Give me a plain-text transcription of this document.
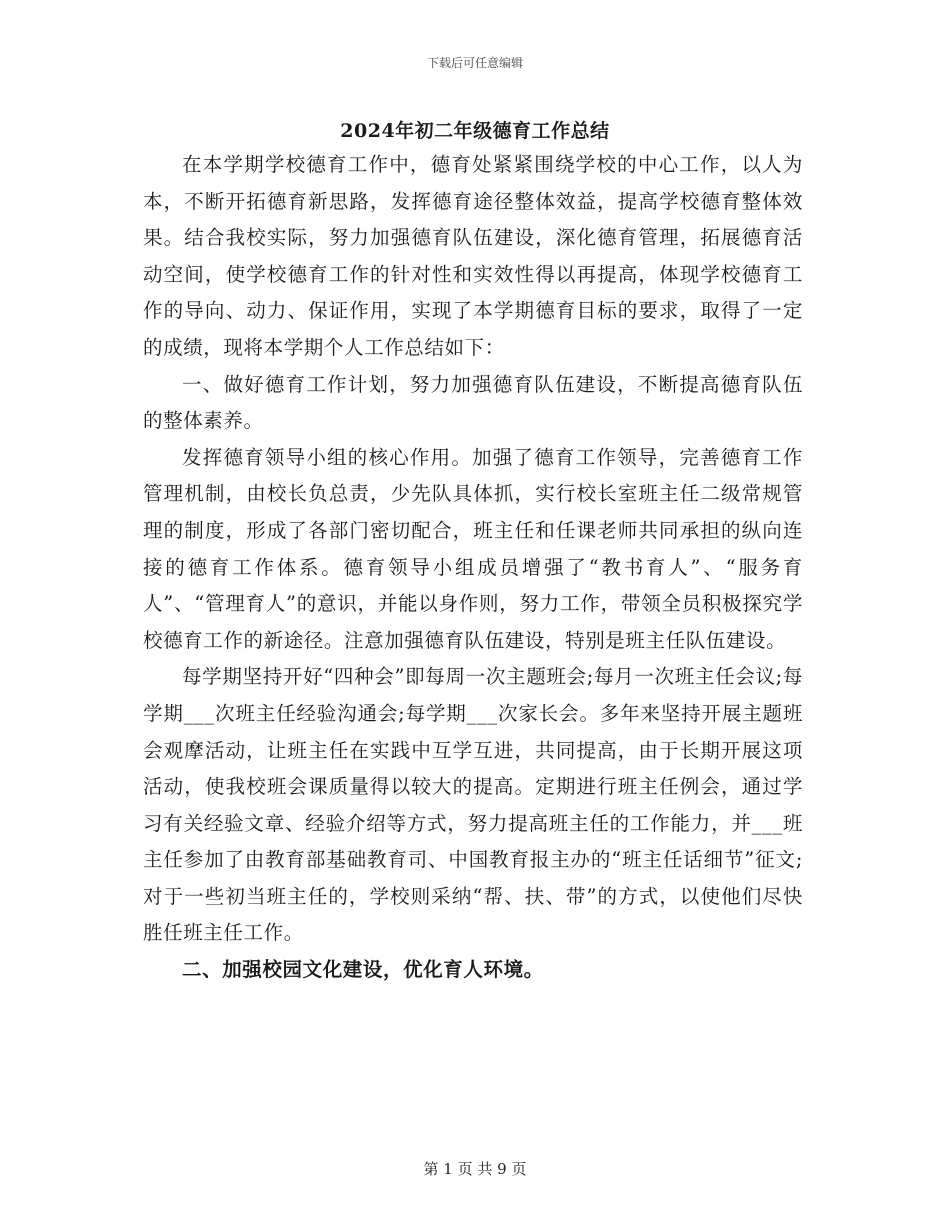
下载后可任意编辑
2024年初二年级德育工作总结

在本学期学校德育工作中，德育处紧紧围绕学校的中心工作，以人为本，不断开拓德育新思路，发挥德育途径整体效益，提高学校德育整体效果。结合我校实际，努力加强德育队伍建设，深化德育管理，拓展德育活动空间，使学校德育工作的针对性和实效性得以再提高，体现学校德育工作的导向、动力、保证作用，实现了本学期德育目标的要求，取得了一定的成绩，现将本学期个人工作总结如下：

一、做好德育工作计划，努力加强德育队伍建设，不断提高德育队伍的整体素养。

发挥德育领导小组的核心作用。加强了德育工作领导，完善德育工作管理机制，由校长负总责，少先队具体抓，实行校长室班主任二级常规管理的制度，形成了各部门密切配合，班主任和任课老师共同承担的纵向连接的德育工作体系。德育领导小组成员增强了“教书育人”、“服务育人”、“管理育人”的意识，并能以身作则，努力工作，带领全员积极探究学校德育工作的新途径。注意加强德育队伍建设，特别是班主任队伍建设。

每学期坚持开好“四种会”即每周一次主题班会;每月一次班主任会议;每学期___次班主任经验沟通会;每学期___次家长会。多年来坚持开展主题班会观摩活动，让班主任在实践中互学互进，共同提高，由于长期开展这项活动，使我校班会课质量得以较大的提高。定期进行班主任例会，通过学习有关经验文章、经验介绍等方式，努力提高班主任的工作能力，并___班主任参加了由教育部基础教育司、中国教育报主办的“班主任话细节”征文;对于一些初当班主任的，学校则采纳“帮、扶、带”的方式，以使他们尽快胜任班主任工作。

二、加强校园文化建设，优化育人环境。

第 1 页 共 9 页
